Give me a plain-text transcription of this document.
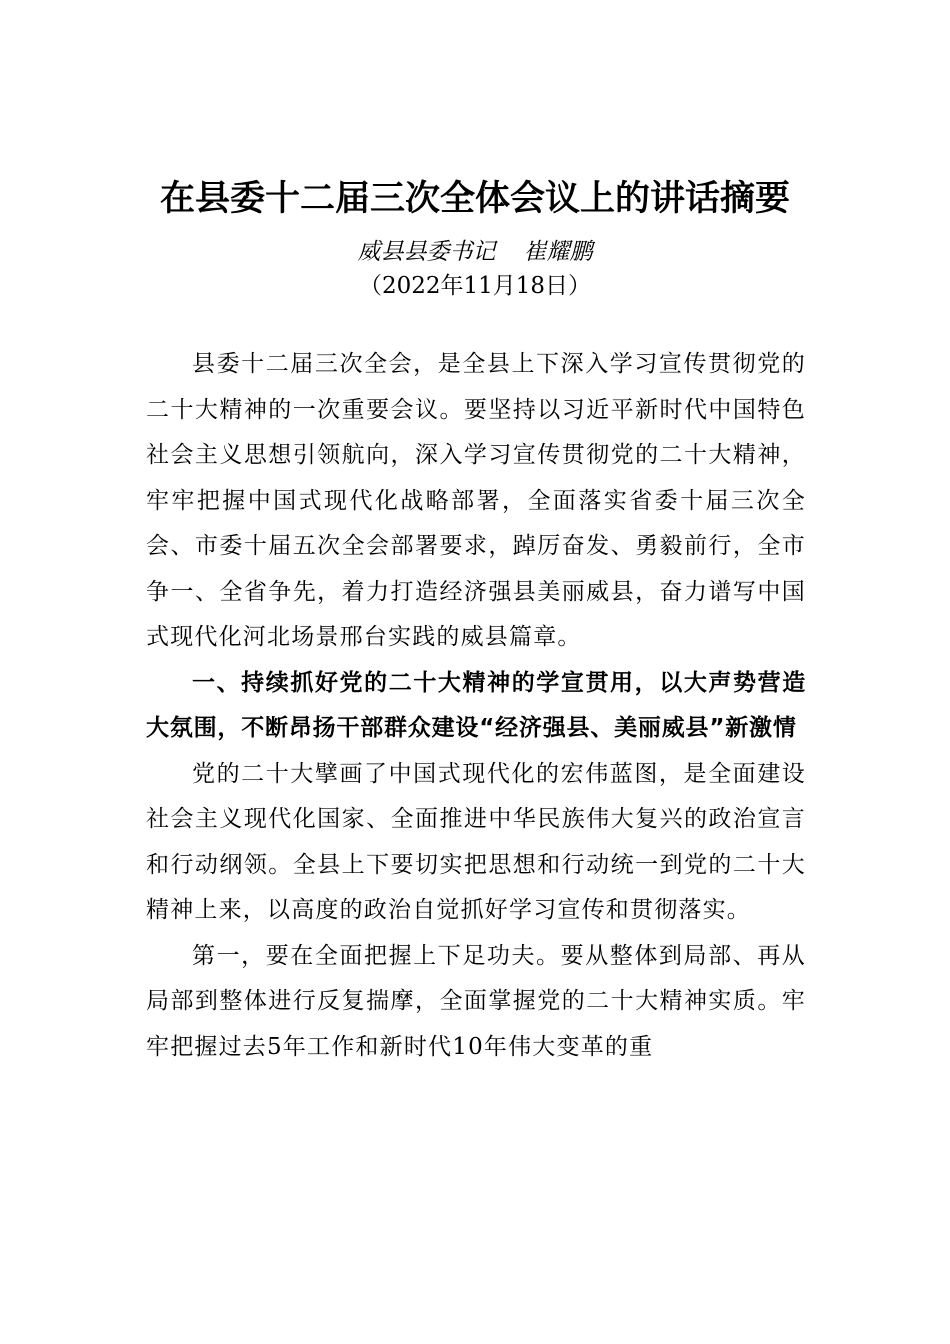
在县委十二届三次全体会议上的讲话摘要
威县县委书记 崔耀鹏
（2022年11月18日）

县委十二届三次全会，是全县上下深入学习宣传贯彻党的二十大精神的一次重要会议。要坚持以习近平新时代中国特色社会主义思想引领航向，深入学习宣传贯彻党的二十大精神，牢牢把握中国式现代化战略部署，全面落实省委十届三次全会、市委十届五次全会部署要求，踔厉奋发、勇毅前行，全市争一、全省争先，着力打造经济强县美丽威县，奋力谱写中国式现代化河北场景邢台实践的威县篇章。

一、持续抓好党的二十大精神的学宣贯用，以大声势营造大氛围，不断昂扬干部群众建设“经济强县、美丽威县”新激情

党的二十大擘画了中国式现代化的宏伟蓝图，是全面建设社会主义现代化国家、全面推进中华民族伟大复兴的政治宣言和行动纲领。全县上下要切实把思想和行动统一到党的二十大精神上来，以高度的政治自觉抓好学习宣传和贯彻落实。

第一，要在全面把握上下足功夫。要从整体到局部、再从局部到整体进行反复揣摩，全面掌握党的二十大精神实质。牢牢把握过去5年工作和新时代10年伟大变革的重
